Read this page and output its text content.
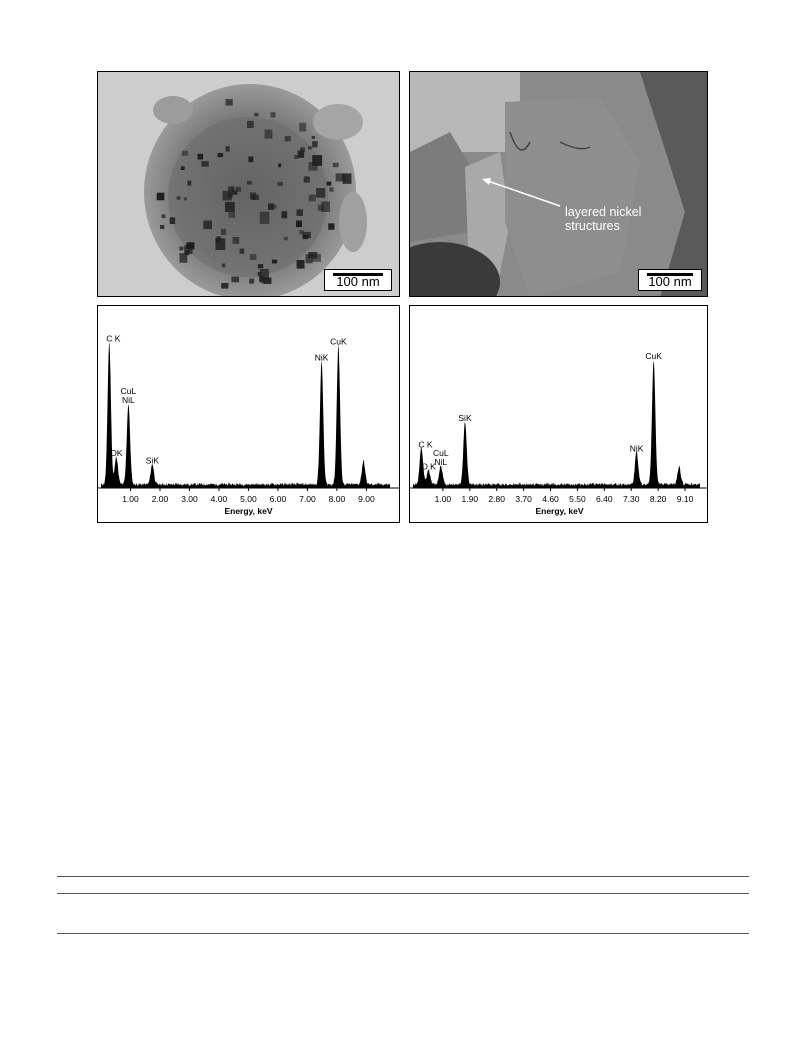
100 nm
layered nickel
structures
100 nm
1.00 2.00 3.00 4.00 5.00 6.00 7.00 8.00 9.00
Energy, keV
C K
OK
CuL
NiL
SiK
NiK
CuK
1.00 1.90 2.80 3.70 4.60 5.50 6.40 7.30 8.20 9.10
Energy, keV
C K
O K
CuL
NiL
SiK
NiK
CuK
